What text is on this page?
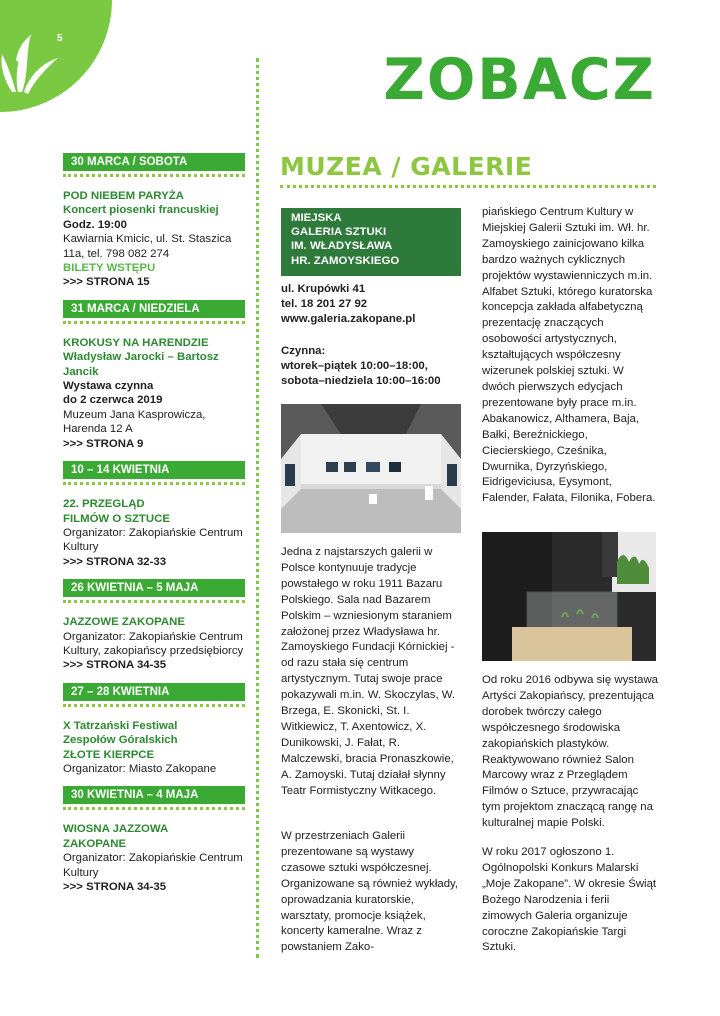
5
ZOBACZ
30 MARCA / SOBOTA
POD NIEBEM PARYŻA
Koncert piosenki francuskiej
Godz. 19:00
Kawiarnia Kmicic, ul. St. Staszica 11a, tel. 798 082 274
BILETY WSTĘPU
>>> STRONA 15
31 MARCA / NIEDZIELA
KROKUSY NA HARENDZIE
Władysław Jarocki – Bartosz Jancik
Wystawa czynna
do 2 czerwca 2019
Muzeum Jana Kasprowicza, Harenda 12 A
>>> STRONA 9
10 – 14 KWIETNIA
22. PRZEGLĄD
FILMÓW O SZTUCE
Organizator: Zakopiańskie Centrum Kultury
>>> STRONA 32-33
26 KWIETNIA – 5 MAJA
JAZZOWE ZAKOPANE
Organizator: Zakopiańskie Centrum Kultury, zakopiańscy przedsiębiorcy
>>> STRONA 34-35
27 – 28 KWIETNIA
X Tatrzański Festiwal
Zespołów Góralskich
ZŁOTE KIERPCE
Organizator: Miasto Zakopane
30 KWIETNIA – 4 MAJA
WIOSNA JAZZOWA
ZAKOPANE
Organizator: Zakopiańskie Centrum Kultury
>>> STRONA 34-35
MUZEA / GALERIE
MIEJSKA
GALERIA SZTUKI
IM. WŁADYSŁAWA
HR. ZAMOYSKIEGO
ul. Krupówki 41
tel. 18 201 27 92
www.galeria.zakopane.pl
Czynna:
wtorek–piątek 10:00–18:00,
sobota–niedziela 10:00–16:00

Jedna z najstarszych galerii w Polsce kontynuuje tradycje powstałego w roku 1911 Bazaru Polskiego. Sala nad Bazarem Polskim – wzniesionym staraniem założonej przez Władysława hr. Zamoyskiego Fundacji Kórnickiej - od razu stała się centrum artystycznym. Tutaj swoje prace pokazywali m.in. W. Skoczylas, W. Brzega, E. Skonicki, St. I. Witkiewicz, T. Axentowicz, X. Dunikowski, J. Fałat, R. Malczewski, bracia Pronaszkowie, A. Zamoyski. Tutaj działał słynny Teatr Formistyczny Witkacego.

W przestrzeniach Galerii prezentowane są wystawy czasowe sztuki współczesnej. Organizowane są również wykłady, oprowadzania kuratorskie, warsztaty, promocje książek, koncerty kameralne. Wraz z powstaniem Zako-

piańskiego Centrum Kultury w Miejskiej Galerii Sztuki im. Wł. hr. Zamoyskiego zainicjowano kilka bardzo ważnych cyklicznych projektów wystawienniczych m.in. Alfabet Sztuki, którego kuratorska koncepcja zakłada alfabetyczną prezentację znaczących osobowości artystycznych, kształtujących współczesny wizerunek polskiej sztuki. W dwóch pierwszych edycjach prezentowane były prace m.in. Abakanowicz, Althamera, Baja, Bałki, Bereźnickiego, Ciecierskiego, Cześnika, Dwurnika, Dyrzyńskiego, Eidrigeviciusa, Eysymont, Falender, Fałata, Filonika, Fobera.

Od roku 2016 odbywa się wystawa Artyści Zakopiańscy, prezentująca dorobek twórczy całego współczesnego środowiska zakopiańskich plastyków. Reaktywowano również Salon Marcowy wraz z Przeglądem Filmów o Sztuce, przywracając tym projektom znaczącą rangę na kulturalnej mapie Polski.

W roku 2017 ogłoszono 1. Ogólnopolski Konkurs Malarski „Moje Zakopane”. W okresie Świąt Bożego Narodzenia i ferii zimowych Galeria organizuje coroczne Zakopiańskie Targi Sztuki.
